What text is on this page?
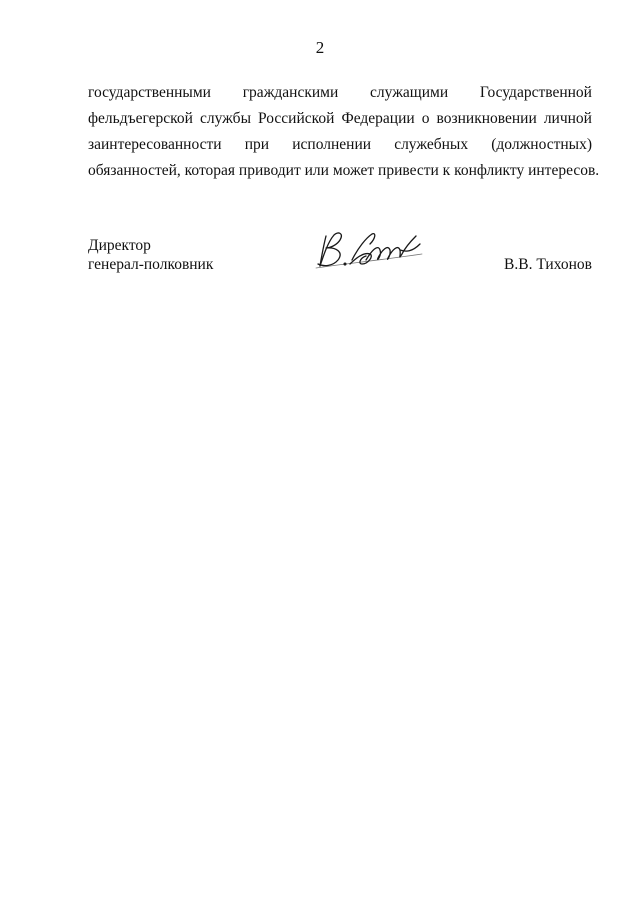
2
государственными гражданскими служащими Государственной
фельдъегерской службы Российской Федерации о возникновении личной
заинтересованности при исполнении служебных (должностных)
обязанностей, которая приводит или может привести к конфликту интересов.
Директор
генерал-полковник	В.В. Тихонов
